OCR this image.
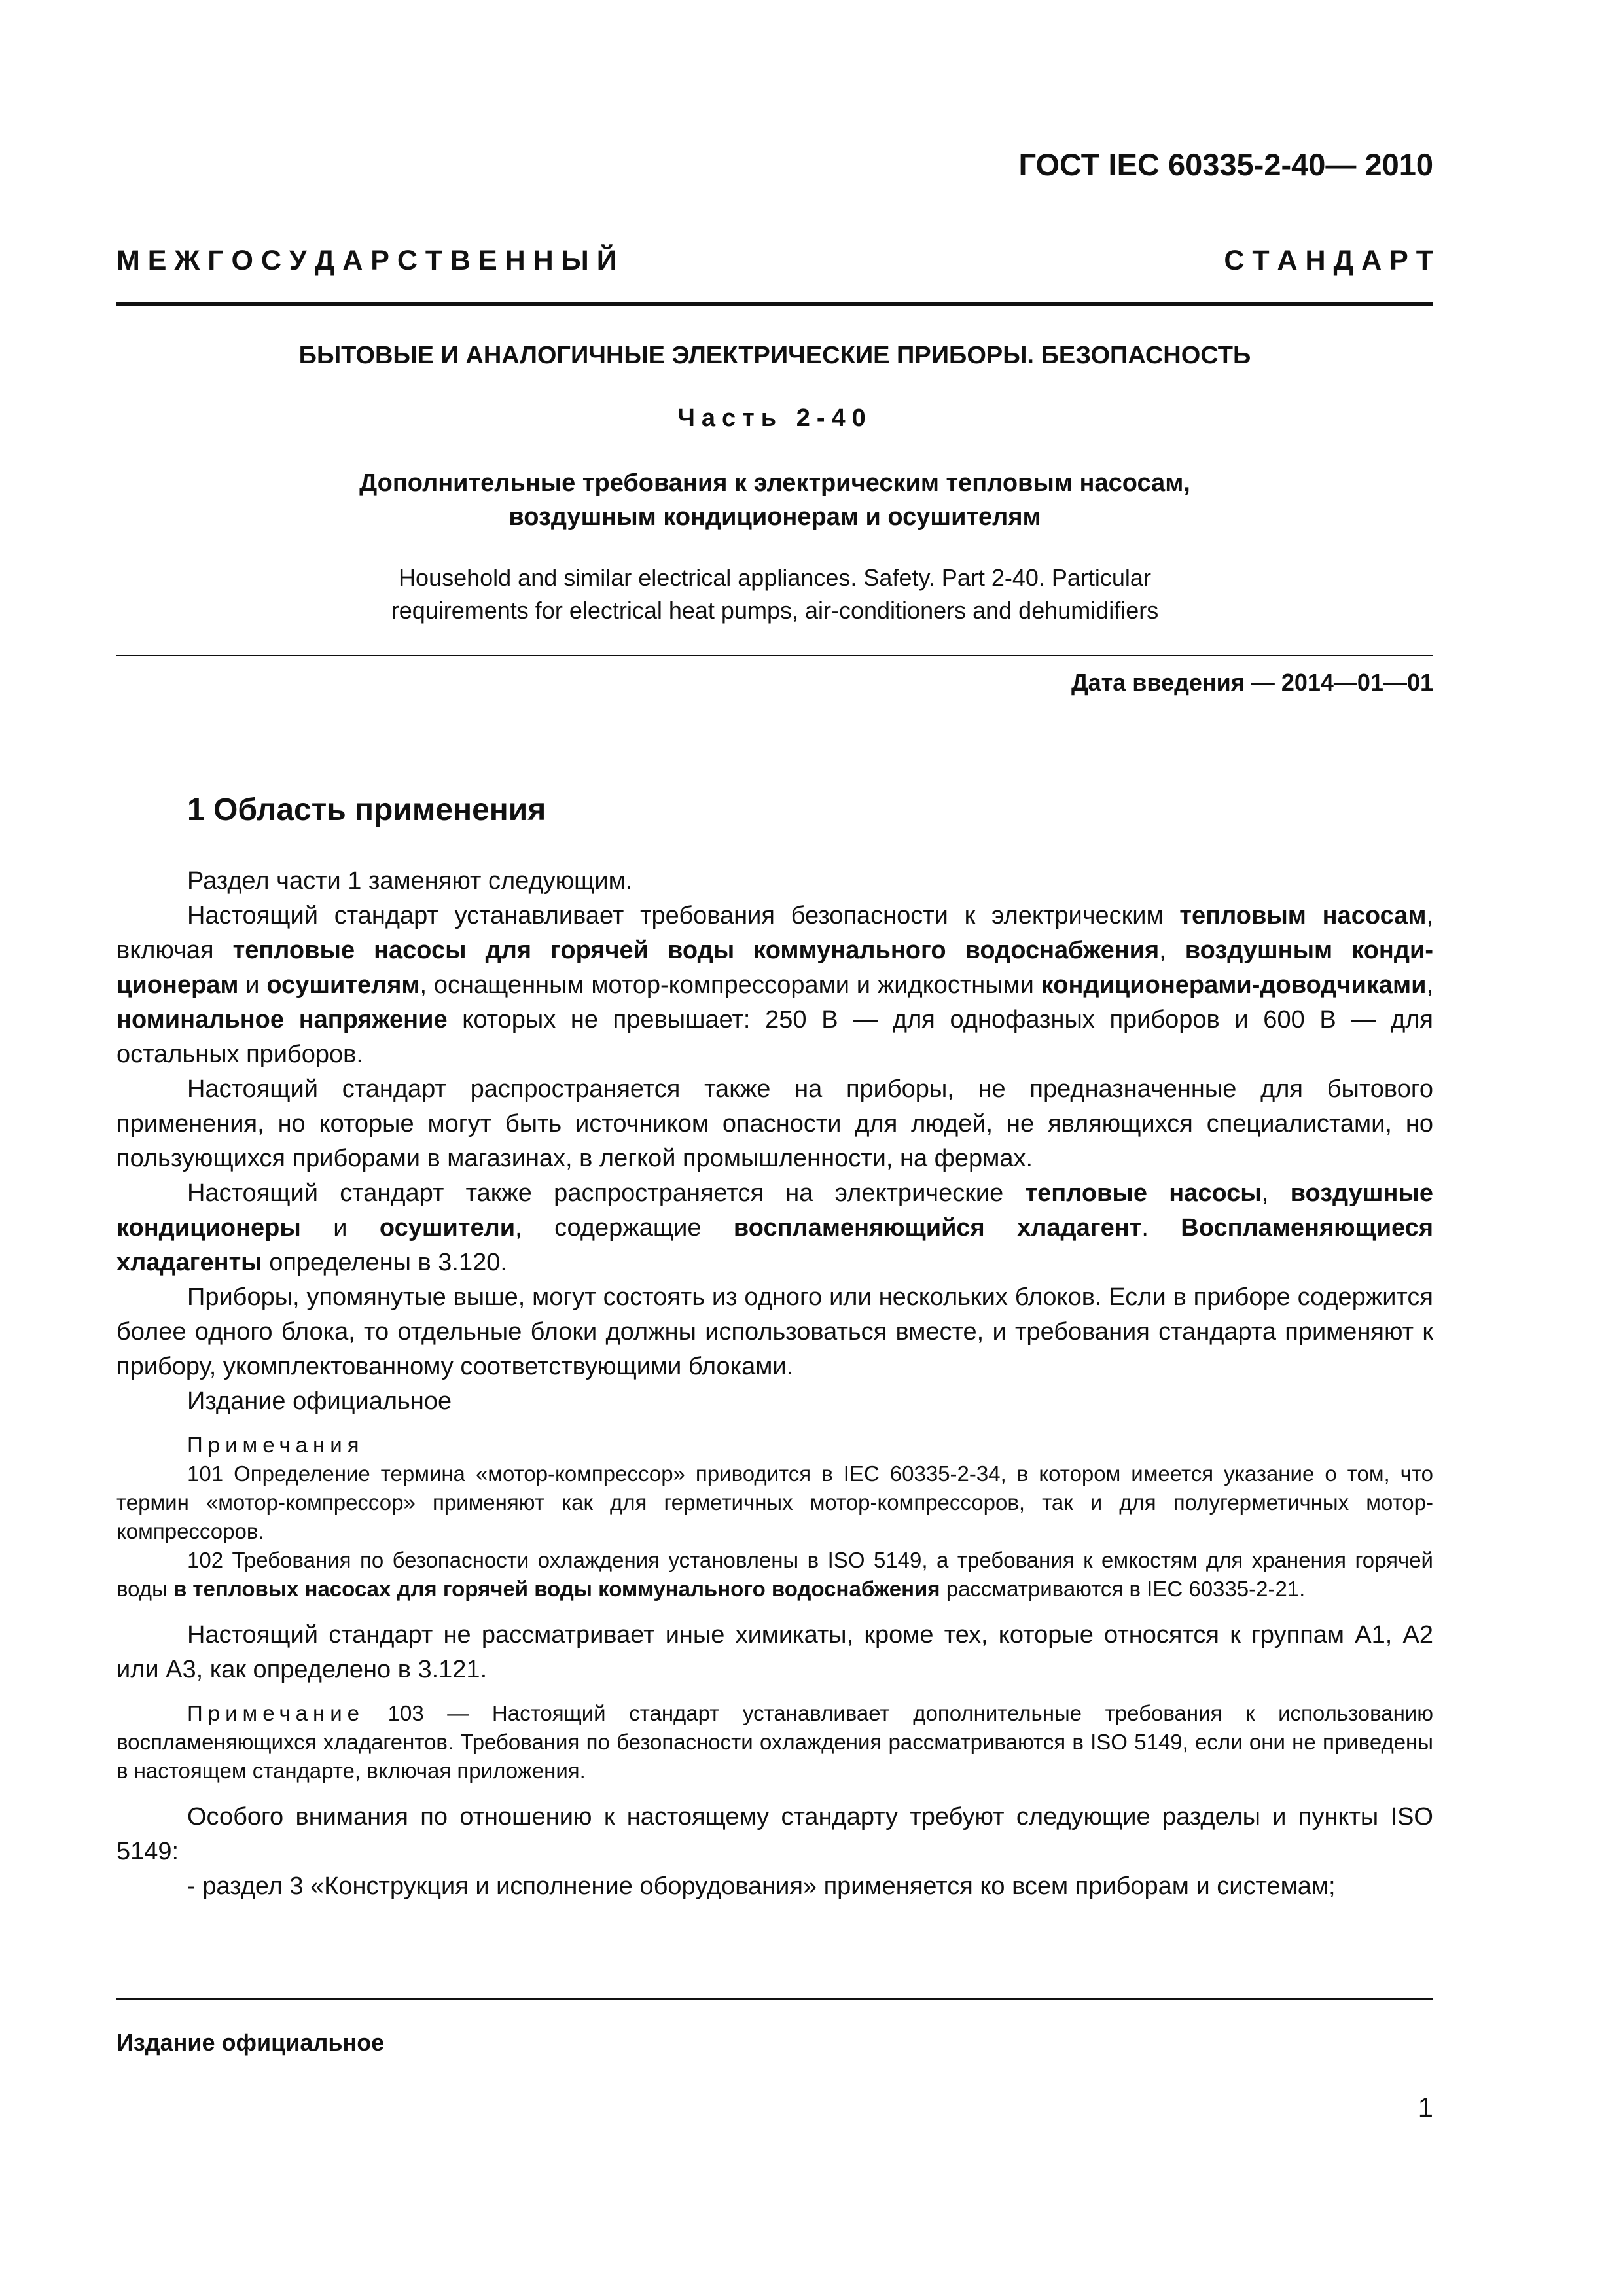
ГОСТ IEC 60335-2-40— 2010
М Е Ж Г О С У Д А Р С Т В Е Н Н Ы Й	С Т А Н Д А Р Т
БЫТОВЫЕ И АНАЛОГИЧНЫЕ ЭЛЕКТРИЧЕСКИЕ ПРИБОРЫ. БЕЗОПАСНОСТЬ
Часть 2-40
Дополнительные требования к электрическим тепловым насосам,
воздушным кондиционерам и осушителям
Household and similar electrical appliances. Safety. Part 2-40. Particular
requirements for electrical heat pumps, air-conditioners and dehumidifiers
Дата введения — 2014—01—01
1 Область применения

Раздел части 1 заменяют следующим.

Настоящий стандарт устанавливает требования безопасности к электрическим тепловым насосам, включая тепловые насосы для горячей воды коммунального водоснабжения, воздушным кондиционерам и осушителям, оснащенным мотор-компрессорами и жидкостными кондиционерами-доводчиками, номинальное напряжение которых не превышает: 250 В — для однофазных приборов и 600 В — для остальных приборов.

Настоящий стандарт распространяется также на приборы, не предназначенные для бытового применения, но которые могут быть источником опасности для людей, не являющихся специалистами, но пользующихся приборами в магазинах, в легкой промышленности, на фермах.

Настоящий стандарт также распространяется на электрические тепловые насосы, воздушные кондиционеры и осушители, содержащие воспламеняющийся хладагент. Воспламеняющиеся хладагенты определены в 3.120.

Приборы, упомянутые выше, могут состоять из одного или нескольких блоков. Если в приборе содержится более одного блока, то отдельные блоки должны использоваться вместе, и требования стандарта применяют к прибору, укомплектованному соответствующими блоками.

Издание официальное

Примечания

101 Определение термина «мотор-компрессор» приводится в IEC 60335-2-34, в котором имеется указание о том, что термин «мотор-компрессор» применяют как для герметичных мотор-компрессоров, так и для полугерметичных мотор-компрессоров.

102 Требования по безопасности охлаждения установлены в ISO 5149, а требования к емкостям для хранения горячей воды в тепловых насосах для горячей воды коммунального водоснабжения рассматриваются в IEC 60335-2-21.

Настоящий стандарт не рассматривает иные химикаты, кроме тех, которые относятся к группам А1, А2 или А3, как определено в 3.121.

Примечание 103 — Настоящий стандарт устанавливает дополнительные требования к использованию воспламеняющихся хладагентов. Требования по безопасности охлаждения рассматриваются в ISO 5149, если они не приведены в настоящем стандарте, включая приложения.

Особого внимания по отношению к настоящему стандарту требуют следующие разделы и пункты ISO 5149:

- раздел 3 «Конструкция и исполнение оборудования» применяется ко всем приборам и системам;

Издание официальное
1
